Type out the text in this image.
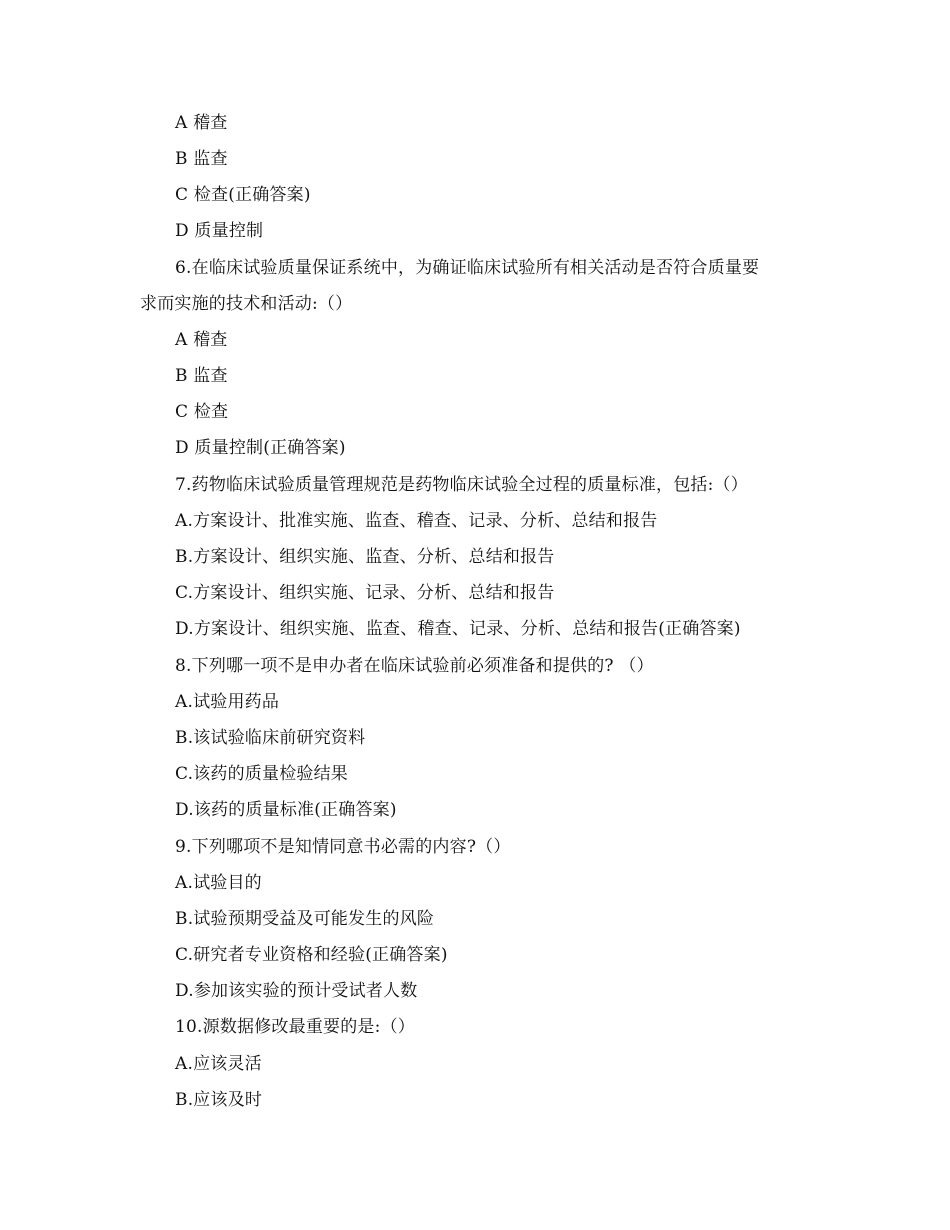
A 稽查
B 监查
C 检查(正确答案)
D 质量控制
6.在临床试验质量保证系统中，为确证临床试验所有相关活动是否符合质量要
求而实施的技术和活动:（）
A 稽查
B 监查
C 检查
D 质量控制(正确答案)
7.药物临床试验质量管理规范是药物临床试验全过程的质量标准，包括:（）
A.方案设计、批准实施、监查、稽查、记录、分析、总结和报告
B.方案设计、组织实施、监查、分析、总结和报告
C.方案设计、组织实施、记录、分析、总结和报告
D.方案设计、组织实施、监查、稽查、记录、分析、总结和报告(正确答案)
8.下列哪一项不是申办者在临床试验前必须准备和提供的? （）
A.试验用药品
B.该试验临床前研究资料
C.该药的质量检验结果
D.该药的质量标准(正确答案)
9.下列哪项不是知情同意书必需的内容?（）
A.试验目的
B.试验预期受益及可能发生的风险
C.研究者专业资格和经验(正确答案)
D.参加该实验的预计受试者人数
10.源数据修改最重要的是:（）
A.应该灵活
B.应该及时
